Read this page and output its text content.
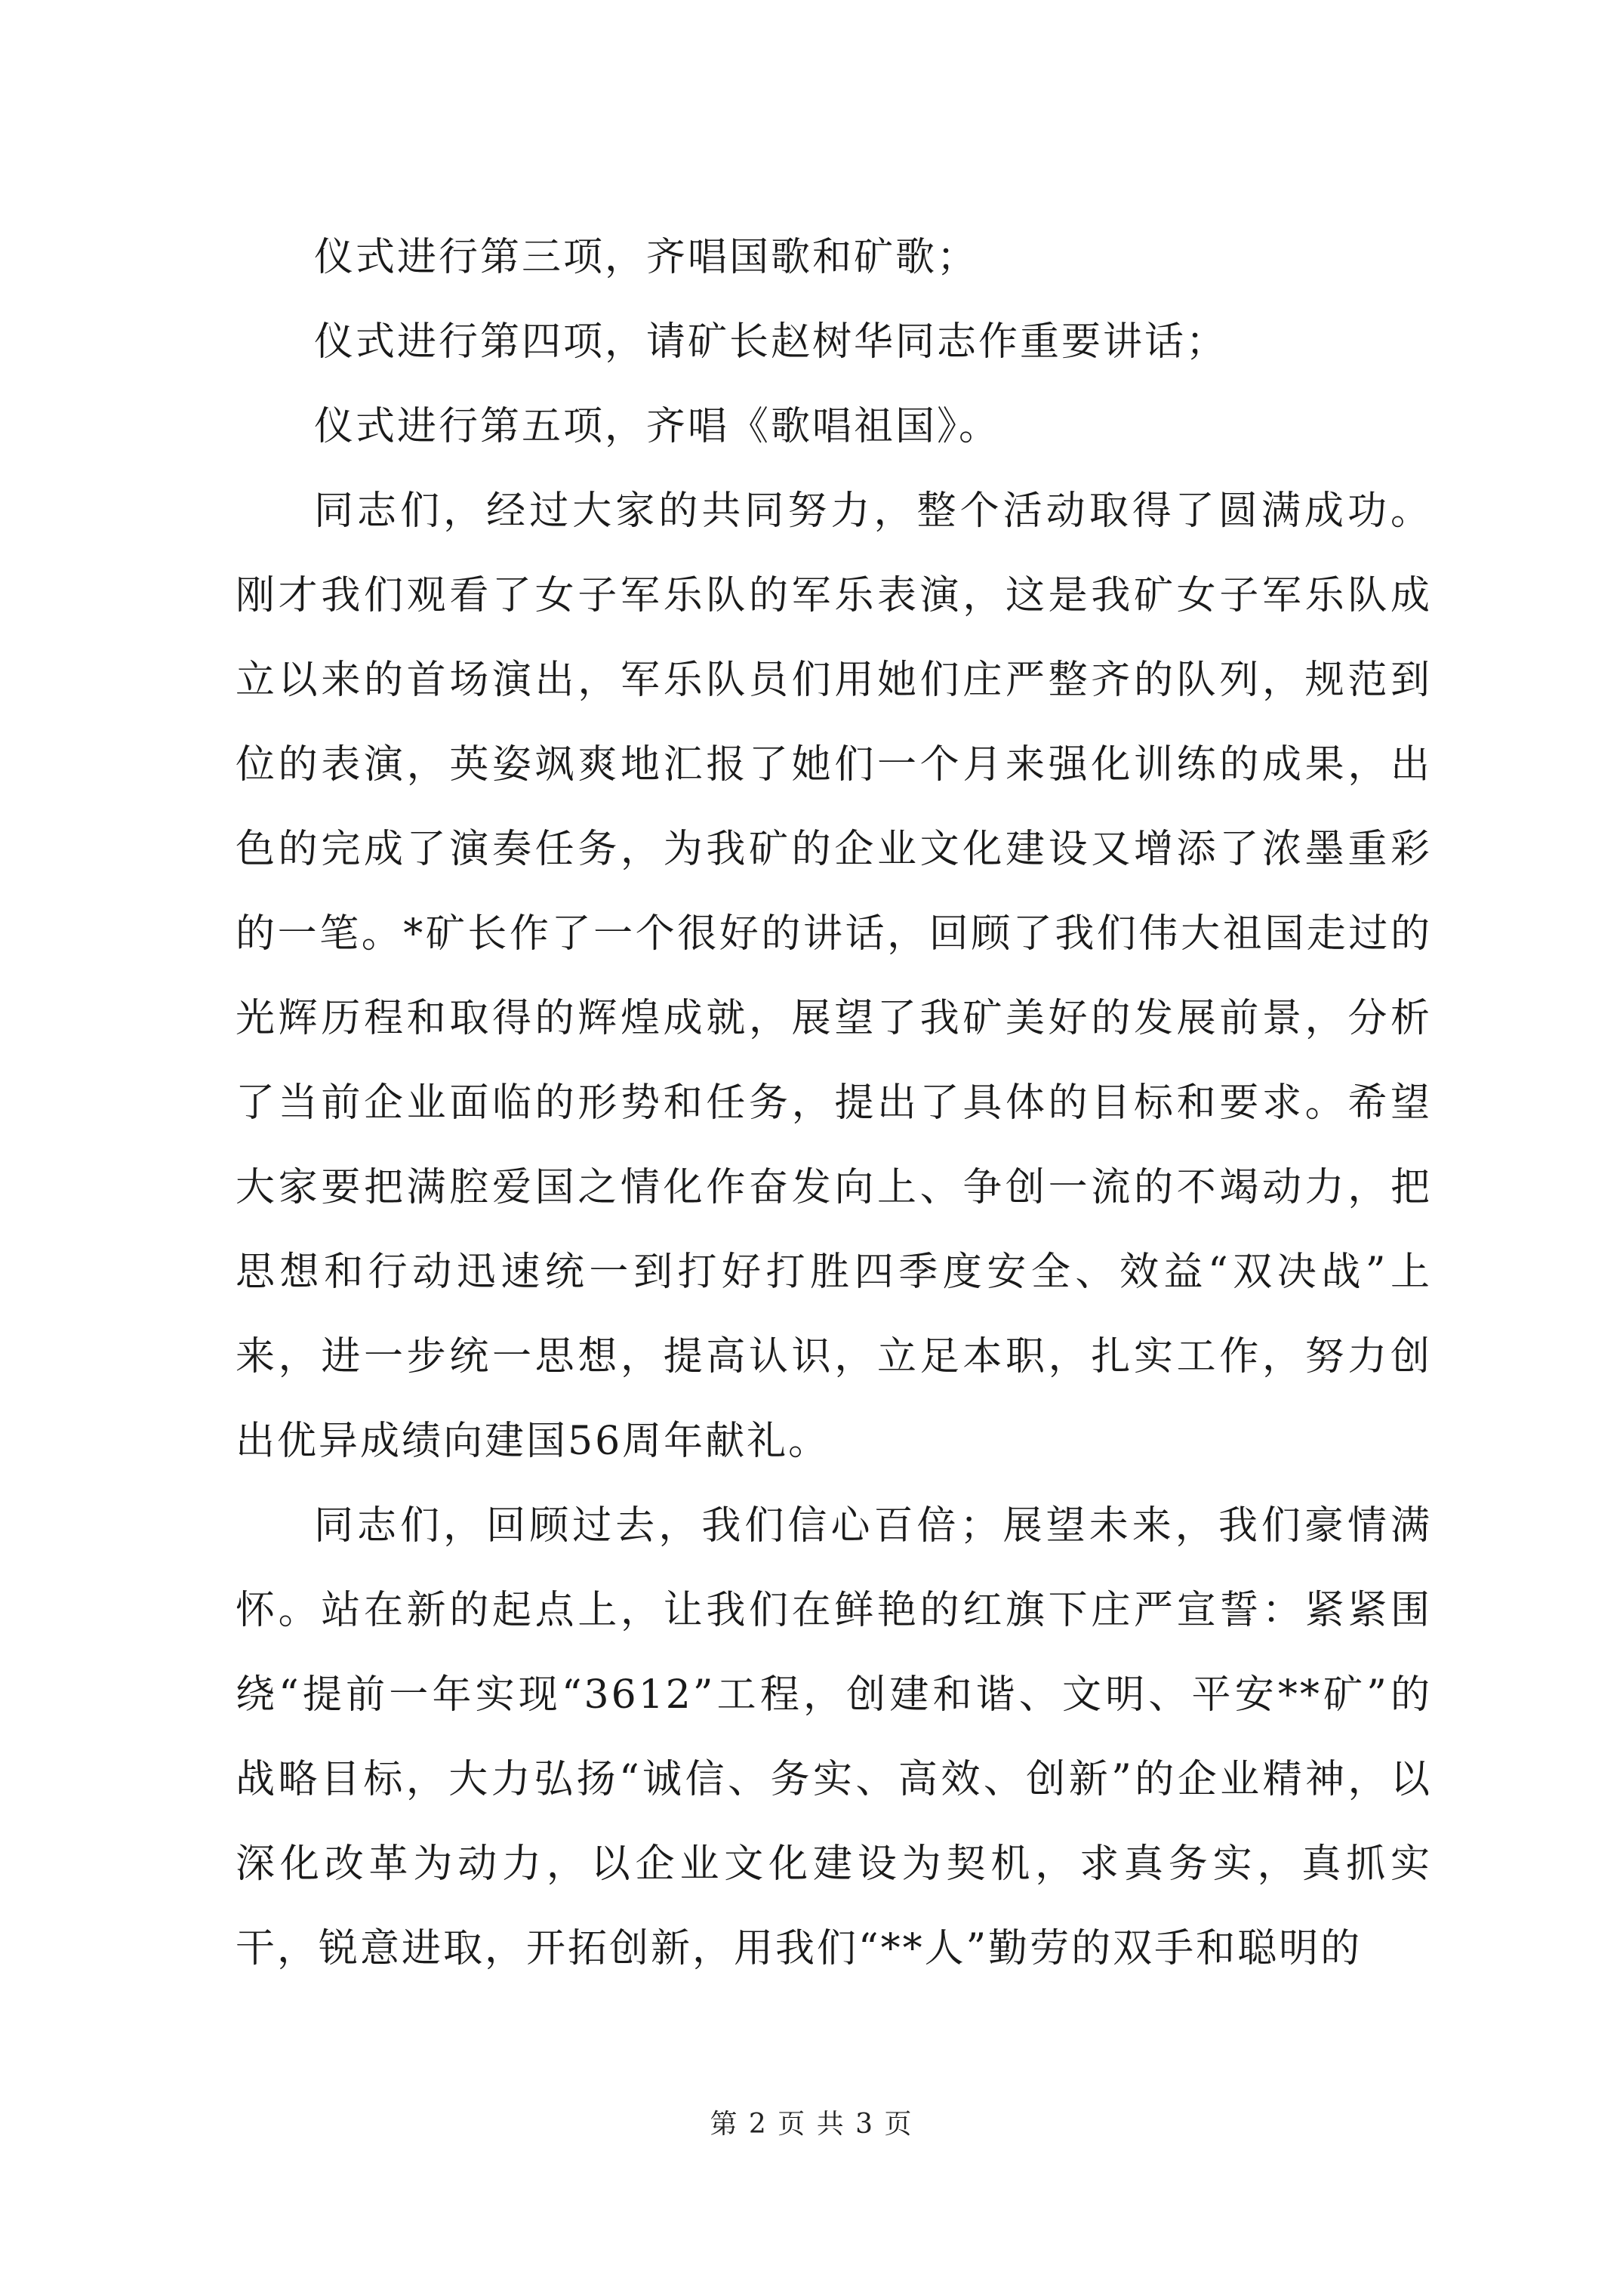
仪式进行第三项，齐唱国歌和矿歌；

仪式进行第四项，请矿长赵树华同志作重要讲话；

仪式进行第五项，齐唱《歌唱祖国》。

同志们，经过大家的共同努力，整个活动取得了圆满成功。刚才我们观看了女子军乐队的军乐表演，这是我矿女子军乐队成立以来的首场演出，军乐队员们用她们庄严整齐的队列，规范到位的表演，英姿飒爽地汇报了她们一个月来强化训练的成果，出色的完成了演奏任务，为我矿的企业文化建设又增添了浓墨重彩的一笔。*矿长作了一个很好的讲话，回顾了我们伟大祖国走过的光辉历程和取得的辉煌成就，展望了我矿美好的发展前景，分析了当前企业面临的形势和任务，提出了具体的目标和要求。希望大家要把满腔爱国之情化作奋发向上、争创一流的不竭动力，把思想和行动迅速统一到打好打胜四季度安全、效益“双决战”上来，进一步统一思想，提高认识，立足本职，扎实工作，努力创出优异成绩向建国56周年献礼。

同志们，回顾过去，我们信心百倍；展望未来，我们豪情满怀。站在新的起点上，让我们在鲜艳的红旗下庄严宣誓：紧紧围绕“提前一年实现“3612”工程，创建和谐、文明、平安**矿”的战略目标，大力弘扬“诚信、务实、高效、创新”的企业精神，以深化改革为动力，以企业文化建设为契机，求真务实，真抓实干，锐意进取，开拓创新，用我们“**人”勤劳的双手和聪明的

第 2 页 共 3 页
